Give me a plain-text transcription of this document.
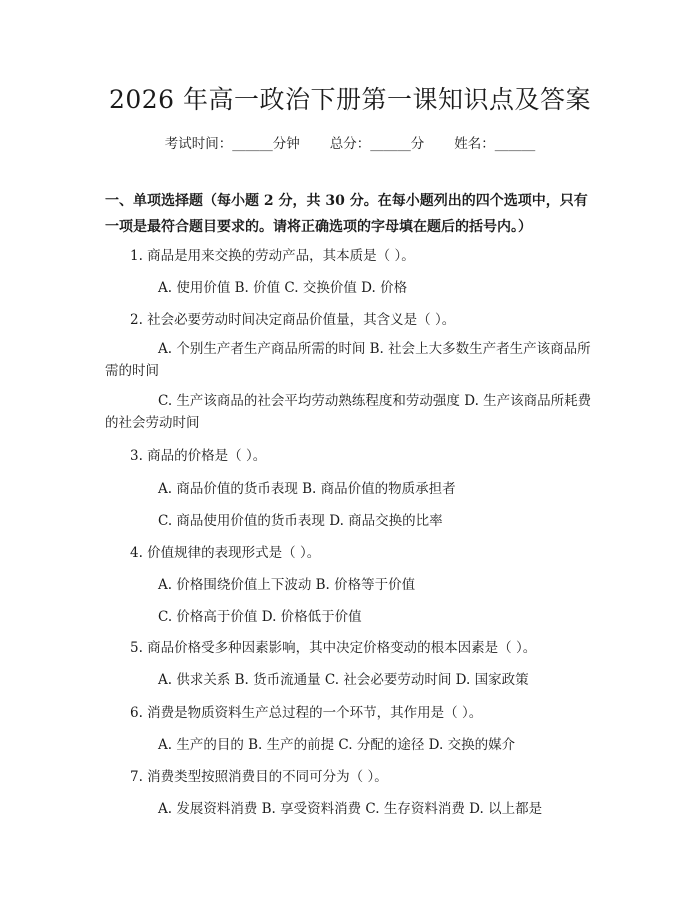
2026 年高一政治下册第一课知识点及答案
考试时间：______分钟 总分：______分 姓名：______
一、单项选择题（每小题 2 分，共 30 分。在每小题列出的四个选项中，只有一项是最符合题目要求的。请将正确选项的字母填在题后的括号内。）
1. 商品是用来交换的劳动产品，其本质是（ ）。
A. 使用价值 B. 价值 C. 交换价值 D. 价格
2. 社会必要劳动时间决定商品价值量，其含义是（ ）。
A. 个别生产者生产商品所需的时间 B. 社会上大多数生产者生产该商品所需的时间
C. 生产该商品的社会平均劳动熟练程度和劳动强度 D. 生产该商品所耗费的社会劳动时间
3. 商品的价格是（ ）。
A. 商品价值的货币表现 B. 商品价值的物质承担者
C. 商品使用价值的货币表现 D. 商品交换的比率
4. 价值规律的表现形式是（ ）。
A. 价格围绕价值上下波动 B. 价格等于价值
C. 价格高于价值 D. 价格低于价值
5. 商品价格受多种因素影响，其中决定价格变动的根本因素是（ ）。
A. 供求关系 B. 货币流通量 C. 社会必要劳动时间 D. 国家政策
6. 消费是物质资料生产总过程的一个环节，其作用是（ ）。
A. 生产的目的 B. 生产的前提 C. 分配的途径 D. 交换的媒介
7. 消费类型按照消费目的不同可分为（ ）。
A. 发展资料消费 B. 享受资料消费 C. 生存资料消费 D. 以上都是
